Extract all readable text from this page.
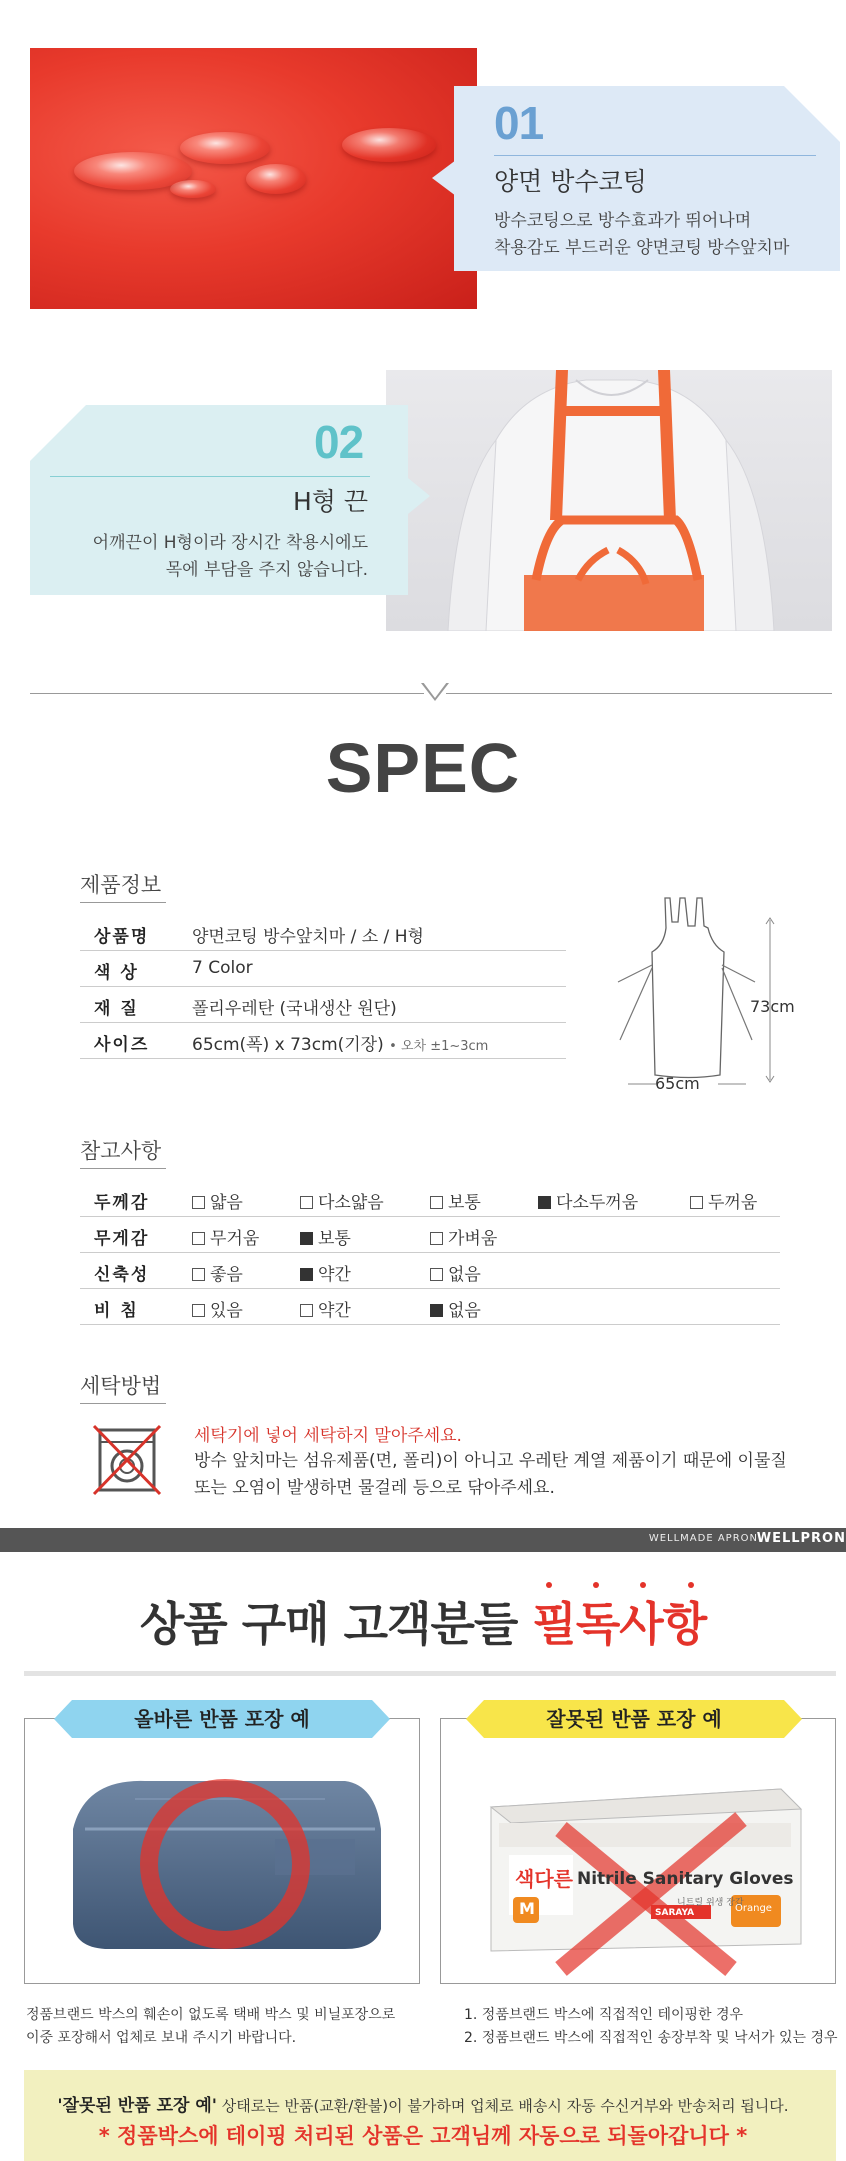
01
양면 방수코팅
방수코팅으로 방수효과가 뛰어나며
착용감도 부드러운 양면코팅 방수앞치마
02
H형 끈
어깨끈이 H형이라 장시간 착용시에도
목에 부담을 주지 않습니다.
SPEC
제품정보
상품명	양면코팅 방수앞치마 / 소 / H형
색 상	7 Color
재 질	폴리우레탄 (국내생산 원단)
사이즈	65cm(폭) x 73cm(기장) • 오차 ±1~3cm
73cm
65cm
참고사항
두께감	얇음	다소얇음	보통	다소두꺼움	두꺼움
무게감	무거움	보통	가벼움
신축성	좋음	약간	없음
비 침	있음	약간	없음
세탁방법
세탁기에 넣어 세탁하지 말아주세요.
방수 앞치마는 섬유제품(면, 폴리)이 아니고 우레탄 계열 제품이기 때문에 이물질
또는 오염이 발생하면 물걸레 등으로 닦아주세요.
WELLMADE APRON
WELLPRON
상품 구매 고객분들 필독사항
올바른 반품 포장 예
색다른 Nitrile Sanitary Gloves
니트릴 위생 장갑
M	Orange
SARAYA
잘못된 반품 포장 예
정품브랜드 박스의 훼손이 없도록 택배 박스 및 비닐포장으로
이중 포장해서 업체로 보내 주시기 바랍니다.
1. 정품브랜드 박스에 직접적인 테이핑한 경우
2. 정품브랜드 박스에 직접적인 송장부착 및 낙서가 있는 경우
'잘못된 반품 포장 예' 상태로는 반품(교환/환불)이 불가하며 업체로 배송시 자동 수신거부와 반송처리 됩니다.
* 정품박스에 테이핑 처리된 상품은 고객님께 자동으로 되돌아갑니다 *
